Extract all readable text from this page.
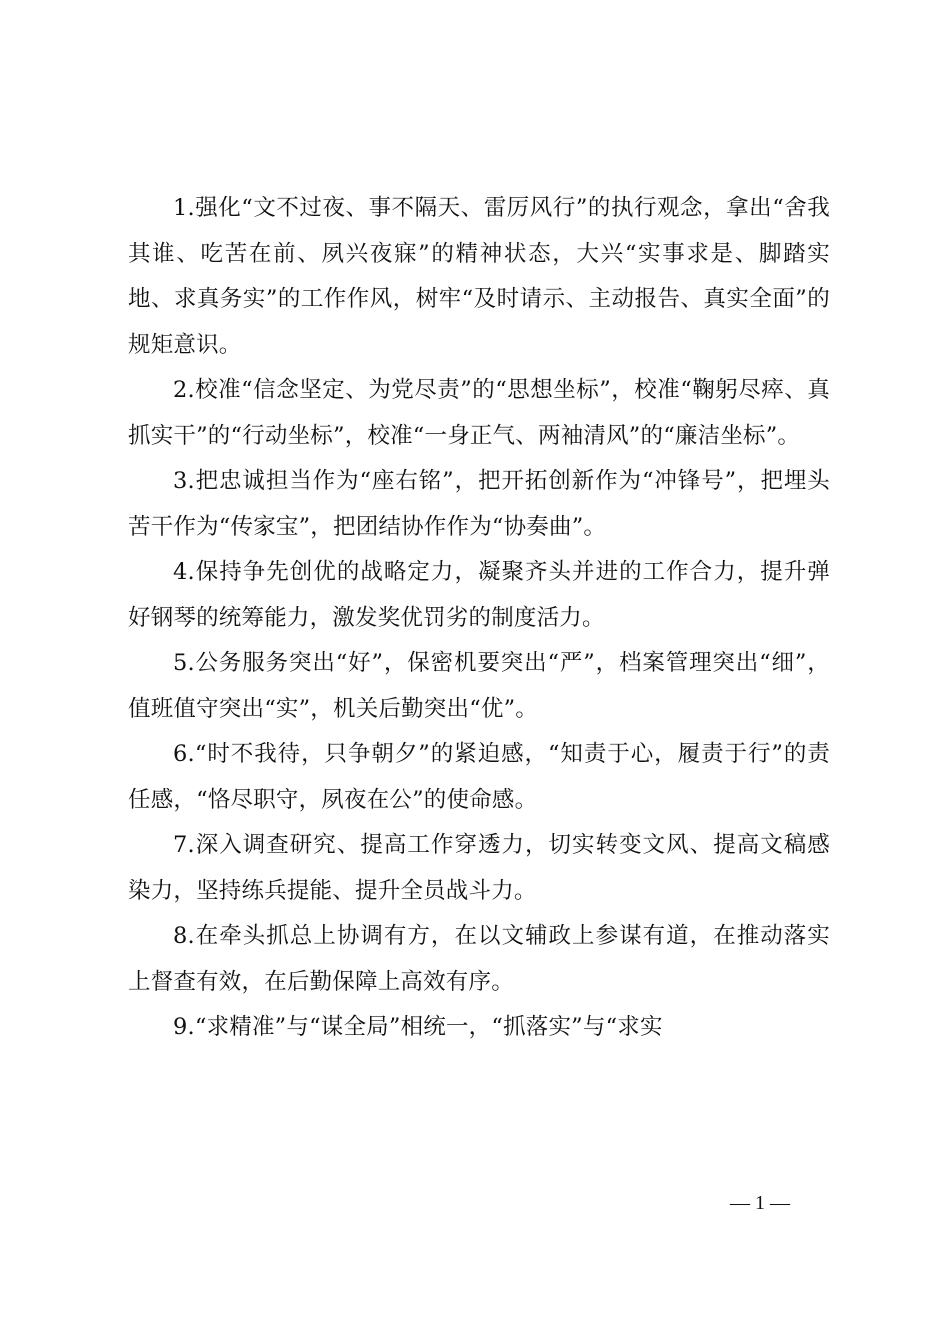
1.强化“文不过夜、事不隔天、雷厉风行”的执行观念，拿出“舍我其谁、吃苦在前、夙兴夜寐”的精神状态，大兴“实事求是、脚踏实地、求真务实”的工作作风，树牢“及时请示、主动报告、真实全面”的规矩意识。

2.校准“信念坚定、为党尽责”的“思想坐标”，校准“鞠躬尽瘁、真抓实干”的“行动坐标”，校准“一身正气、两袖清风”的“廉洁坐标”。

3.把忠诚担当作为“座右铭”，把开拓创新作为“冲锋号”，把埋头苦干作为“传家宝”，把团结协作作为“协奏曲”。

4.保持争先创优的战略定力，凝聚齐头并进的工作合力，提升弹好钢琴的统筹能力，激发奖优罚劣的制度活力。

5.公务服务突出“好”，保密机要突出“严”，档案管理突出“细”，值班值守突出“实”，机关后勤突出“优”。

6.“时不我待，只争朝夕”的紧迫感，“知责于心，履责于行”的责任感，“恪尽职守，夙夜在公”的使命感。

7.深入调查研究、提高工作穿透力，切实转变文风、提高文稿感染力，坚持练兵提能、提升全员战斗力。

8.在牵头抓总上协调有方，在以文辅政上参谋有道，在推动落实上督查有效，在后勤保障上高效有序。

9.“求精准”与“谋全局”相统一，“抓落实”与“求实

— 1 —
